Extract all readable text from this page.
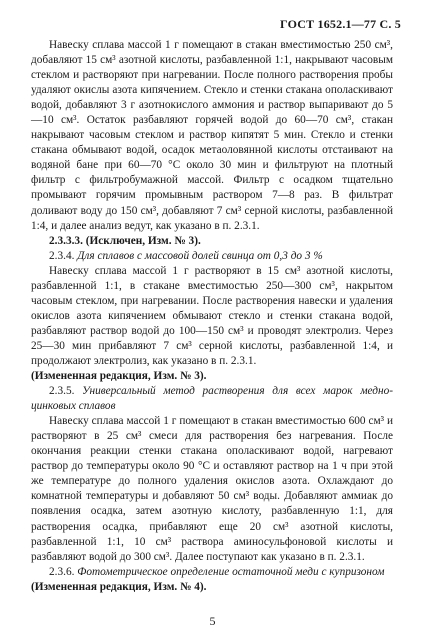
ГОСТ 1652.1—77 С. 5

Навеску сплава массой 1 г помещают в стакан вместимостью 250 см³, добавляют 15 см³ азотной кислоты, разбавленной 1:1, накрывают часовым стеклом и растворяют при нагревании. После полного растворения пробы удаляют окислы азота кипячением. Стекло и стенки стакана ополаскивают водой, добавляют 3 г азотнокислого аммония и раствор выпаривают до 5—10 см³. Остаток разбавляют горячей водой до 60—70 см³, стакан накрывают часовым стеклом и раствор кипятят 5 мин. Стекло и стенки стакана обмывают водой, осадок метаоловянной кислоты отстаивают на водяной бане при 60—70 °С около 30 мин и фильтруют на плотный фильтр с фильтробумажной массой. Фильтр с осадком тщательно промывают горячим промывным раствором 7—8 раз. В фильтрат доливают воду до 150 см³, добавляют 7 см³ серной кислоты, разбавленной 1:4, и далее анализ ведут, как указано в п. 2.3.1.

2.3.3.3. (Исключен, Изм. № 3).

2.3.4. Для сплавов с массовой долей свинца от 0,3 до 3 %

Навеску сплава массой 1 г растворяют в 15 см³ азотной кислоты, разбавленной 1:1, в стакане вместимостью 250—300 см³, накрытом часовым стеклом, при нагревании. После растворения навески и удаления окислов азота кипячением обмывают стекло и стенки стакана водой, разбавляют раствор водой до 100—150 см³ и проводят электролиз. Через 25—30 мин прибавляют 7 см³ серной кислоты, разбавленной 1:4, и продолжают электролиз, как указано в п. 2.3.1.

(Измененная редакция, Изм. № 3).

2.3.5. Универсальный метод растворения для всех марок медно-цинковых сплавов

Навеску сплава массой 1 г помещают в стакан вместимостью 600 см³ и растворяют в 25 см³ смеси для растворения без нагревания. После окончания реакции стенки стакана ополаскивают водой, нагревают раствор до температуры около 90 °С и оставляют раствор на 1 ч при этой же температуре до полного удаления окислов азота. Охлаждают до комнатной температуры и добавляют 50 см³ воды. Добавляют аммиак до появления осадка, затем азотную кислоту, разбавленную 1:1, для растворения осадка, прибавляют еще 20 см³ азотной кислоты, разбавленной 1:1, 10 см³ раствора аминосульфоновой кислоты и разбавляют водой до 300 см³. Далее поступают как указано в п. 2.3.1.

2.3.6. Фотометрическое определение остаточной меди с купризоном

(Измененная редакция, Изм. № 4).

5
